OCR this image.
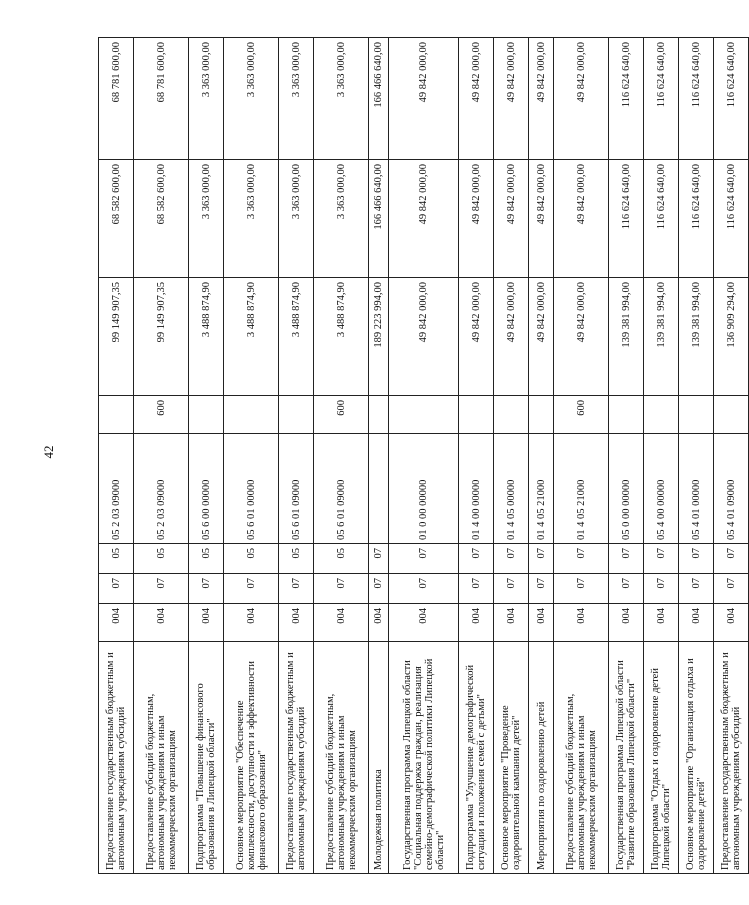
42
Предоставление государственным бюджетным и автономным учреждениям субсидий	004	07	05	05 2 03 09000		99 149 907,35	68 582 600,00	68 781 600,00
Предоставление субсидий бюджетным, автономным учреждениям и иным некоммерческим организациям	004	07	05	05 2 03 09000	600	99 149 907,35	68 582 600,00	68 781 600,00
Подпрограмма "Повышение финансового образования в Липецкой области"	004	07	05	05 6 00 00000		3 488 874,90	3 363 000,00	3 363 000,00
Основное мероприятие "Обеспечение комплексности, доступности и эффективности финансового образования"	004	07	05	05 6 01 00000		3 488 874,90	3 363 000,00	3 363 000,00
Предоставление государственным бюджетным и автономным учреждениям субсидий	004	07	05	05 6 01 09000		3 488 874,90	3 363 000,00	3 363 000,00
Предоставление субсидий бюджетным, автономным учреждениям и иным некоммерческим организациям	004	07	05	05 6 01 09000	600	3 488 874,90	3 363 000,00	3 363 000,00
Молодежная политика	004	07	07			189 223 994,00	166 466 640,00	166 466 640,00
Государственная программа Липецкой области "Социальная поддержка граждан, реализация семейно-демографической политики Липецкой области"	004	07	07	01 0 00 00000		49 842 000,00	49 842 000,00	49 842 000,00
Подпрограмма "Улучшение демографической ситуации и положения семей с детьми"	004	07	07	01 4 00 00000		49 842 000,00	49 842 000,00	49 842 000,00
Основное мероприятие "Проведение оздоровительной кампании детей"	004	07	07	01 4 05 00000		49 842 000,00	49 842 000,00	49 842 000,00
Мероприятия по оздоровлению детей	004	07	07	01 4 05 21000		49 842 000,00	49 842 000,00	49 842 000,00
Предоставление субсидий бюджетным, автономным учреждениям и иным некоммерческим организациям	004	07	07	01 4 05 21000	600	49 842 000,00	49 842 000,00	49 842 000,00
Государственная программа Липецкой области "Развитие образования Липецкой области"	004	07	07	05 0 00 00000		139 381 994,00	116 624 640,00	116 624 640,00
Подпрограмма "Отдых и оздоровление детей Липецкой области"	004	07	07	05 4 00 00000		139 381 994,00	116 624 640,00	116 624 640,00
Основное мероприятие "Организация отдыха и оздоровление детей"	004	07	07	05 4 01 00000		139 381 994,00	116 624 640,00	116 624 640,00
Предоставление государственным бюджетным и автономным учреждениям субсидий	004	07	07	05 4 01 09000		136 909 294,00	116 624 640,00	116 624 640,00
